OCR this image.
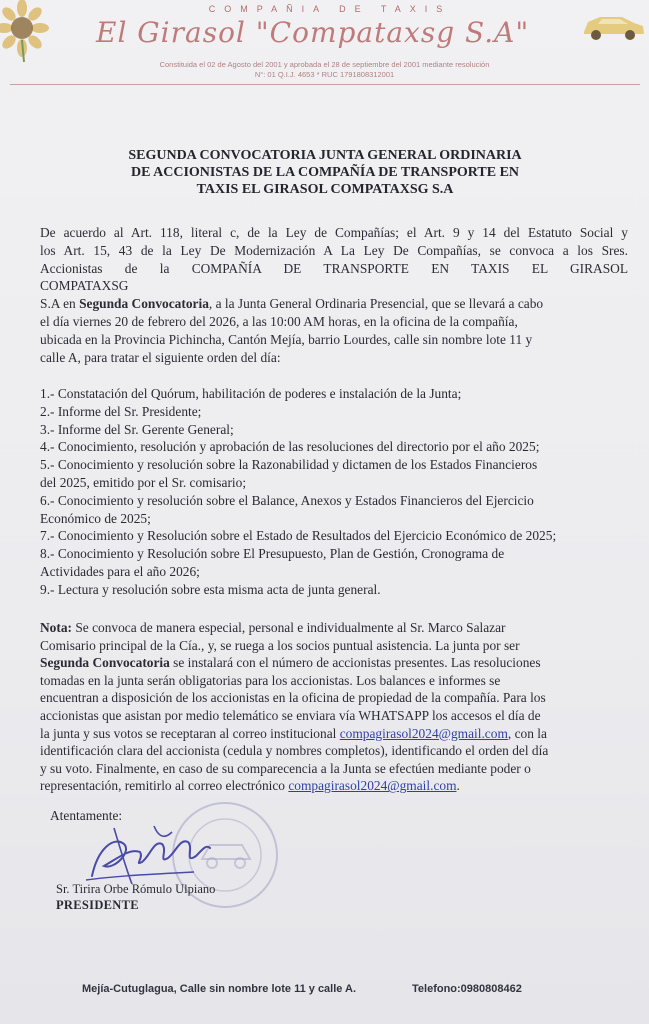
COMPAÑIA DE TAXIS
El Girasol "Compataxsg S.A"
Constituida el 02 de Agosto del 2001 y aprobada el 28 de septiembre del 2001 mediante resolución
N°: 01 Q.I.J. 4653 * RUC 1791808312001
SEGUNDA CONVOCATORIA JUNTA GENERAL ORDINARIA
DE ACCIONISTAS DE LA COMPAÑÍA DE TRANSPORTE EN
TAXIS EL GIRASOL COMPATAXSG S.A
De acuerdo al Art. 118, literal c, de la Ley de Compañías; el Art. 9 y 14 del Estatuto Social y
los Art. 15, 43 de la Ley De Modernización A La Ley De Compañías, se convoca a los Sres.
Accionistas de la COMPAÑÍA DE TRANSPORTE EN TAXIS EL GIRASOL
COMPATAXSG
S.A en Segunda Convocatoria, a la Junta General Ordinaria Presencial, que se llevará a cabo
el día viernes 20 de febrero del 2026, a las 10:00 AM horas, en la oficina de la compañía,
ubicada en la Provincia Pichincha, Cantón Mejía, barrio Lourdes, calle sin nombre lote 11 y
calle A, para tratar el siguiente orden del día:
1.- Constatación del Quórum, habilitación de poderes e instalación de la Junta;
2.- Informe del Sr. Presidente;
3.- Informe del Sr. Gerente General;
4.- Conocimiento, resolución y aprobación de las resoluciones del directorio por el año 2025;
5.- Conocimiento y resolución sobre la Razonabilidad y dictamen de los Estados Financieros
del 2025, emitido por el Sr. comisario;
6.- Conocimiento y resolución sobre el Balance, Anexos y Estados Financieros del Ejercicio
Económico de 2025;
7.- Conocimiento y Resolución sobre el Estado de Resultados del Ejercicio Económico de 2025;
8.- Conocimiento y Resolución sobre El Presupuesto, Plan de Gestión, Cronograma de
Actividades para el año 2026;
9.- Lectura y resolución sobre esta misma acta de junta general.
Nota: Se convoca de manera especial, personal e individualmente al Sr. Marco Salazar
Comisario principal de la Cía., y, se ruega a los socios puntual asistencia. La junta por ser
Segunda Convocatoria se instalará con el número de accionistas presentes. Las resoluciones
tomadas en la junta serán obligatorias para los accionistas. Los balances e informes se
encuentran a disposición de los accionistas en la oficina de propiedad de la compañía. Para los
accionistas que asistan por medio telemático se enviara vía WHATSAPP los accesos el día de
la junta y sus votos se receptaran al correo institucional compagirasol2024@gmail.com, con la
identificación clara del accionista (cedula y nombres completos), identificando el orden del día
y su voto. Finalmente, en caso de su comparecencia a la Junta se efectúen mediante poder o
representación, remitirlo al correo electrónico compagirasol2024@gmail.com.
Atentamente:
Sr. Tirira Orbe Rómulo Ulpiano
PRESIDENTE
Mejía-Cutuglagua, Calle sin nombre lote 11 y calle A.	Telefono:0980808462
